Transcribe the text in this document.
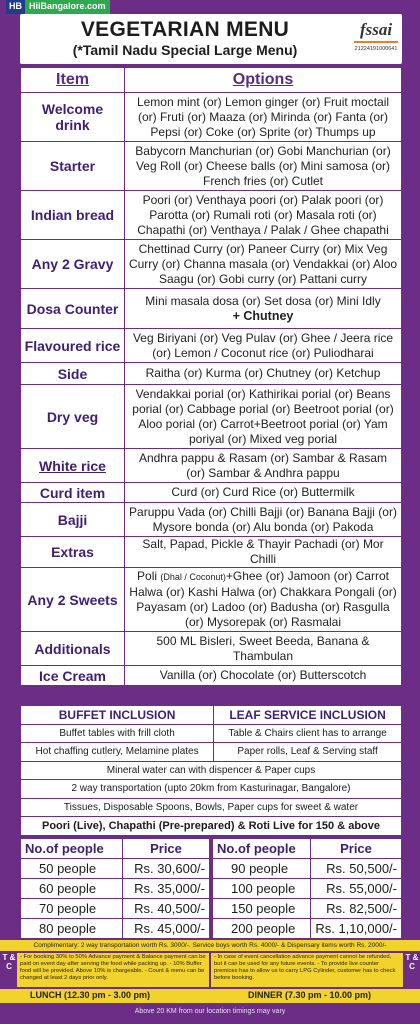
HB HiiBangalore.com
VEGETARIAN MENU
(*Tamil Nadu Special Large Menu)
fssai
21224191000641
Item	Options
Welcome drink	Lemon mint (or) Lemon ginger (or) Fruit moctail (or) Fruti (or) Maaza (or) Mirinda (or) Fanta (or) Pepsi (or) Coke (or) Sprite (or) Thumps up
Starter	Babycorn Manchurian (or) Gobi Manchurian (or) Veg Roll (or) Cheese balls (or) Mini samosa (or) French fries (or) Cutlet
Indian bread	Poori (or) Venthaya poori (or) Palak poori (or) Parotta (or) Rumali roti (or) Masala roti (or) Chapathi (or) Venthaya / Palak / Ghee chapathi
Any 2 Gravy	Chettinad Curry (or) Paneer Curry (or) Mix Veg Curry (or) Channa masala (or) Vendakkai (or) Aloo Saagu (or) Gobi curry (or) Pattani curry
Dosa Counter	Mini masala dosa (or) Set dosa (or) Mini Idly
+ Chutney

Flavoured rice	Veg Biriyani (or) Veg Pulav (or) Ghee / Jeera rice (or) Lemon / Coconut rice (or) Puliodharai
Side	Raitha (or) Kurma (or) Chutney (or) Ketchup
Dry veg	Vendakkai porial (or) Kathirikai porial (or) Beans porial (or) Cabbage porial (or) Beetroot porial (or) Aloo porial (or) Carrot+Beetroot porial (or) Yam poriyal (or) Mixed veg porial
White rice	Andhra pappu & Rasam (or) Sambar & Rasam (or) Sambar & Andhra pappu
Curd item	Curd (or) Curd Rice (or) Buttermilk
Bajji	Paruppu Vada (or) Chilli Bajji (or) Banana Bajji (or) Mysore bonda (or) Alu bonda (or) Pakoda
Extras	Salt, Papad, Pickle & Thayir Pachadi (or) Mor Chilli
Any 2 Sweets	Poli (Dhal / Coconut)+Ghee (or) Jamoon (or) Carrot Halwa (or) Kashi Halwa (or) Chakkara Pongali (or) Payasam (or) Ladoo (or) Badusha (or) Rasgulla (or) Mysorepak (or) Rasmalai
Additionals	500 ML Bisleri, Sweet Beeda, Banana & Thambulan
Ice Cream	Vanilla (or) Chocolate (or) Butterscotch
BUFFET INCLUSION	LEAF SERVICE INCLUSION
Buffet tables with frill cloth	Table & Chairs client has to arrange
Hot chaffing cutlery, Melamine plates	Paper rolls, Leaf & Serving staff
Mineral water can with dispencer & Paper cups	
2 way transportation (upto 20km from Kasturinagar, Bangalore)	
Tissues, Disposable Spoons, Bowls, Paper cups for sweet & water	
Poori (Live), Chapathi (Pre-prepared) & Roti Live for 150 & above	
No.of people	Price
50 people	Rs. 30,600/-
60 people	Rs. 35,000/-
70 people	Rs. 40,500/-
80 people	Rs. 45,000/-
No.of people	Price
90 people	Rs. 50,500/-
100 people	Rs. 55,000/-
150 people	Rs. 82,500/-
200 people	Rs. 1,10,000/-
Complimentary: 2 way transportation worth Rs. 3000/-. Service boys worth Rs. 4000/- & Dispensary items worth Rs. 2000/-
T & C
- For booking 30% to 50% Advance payment & Balance payment can be paid on event day after serving the food while packing up. - 10% Buffer food will be provided. Above 10% is chargeable. - Count & menu can be changed at least 2 days prior only.
- In case of event cancellation advance payment cannot be refunded, but it can be used for any future events. - To provide live counter premices has to allow us to carry LPG Cylinder, customer has to check before booking.
T & C
LUNCH (12.30 pm - 3.00 pm)	DINNER (7.30 pm - 10.00 pm)
Above 20 KM from our location timings may vary
